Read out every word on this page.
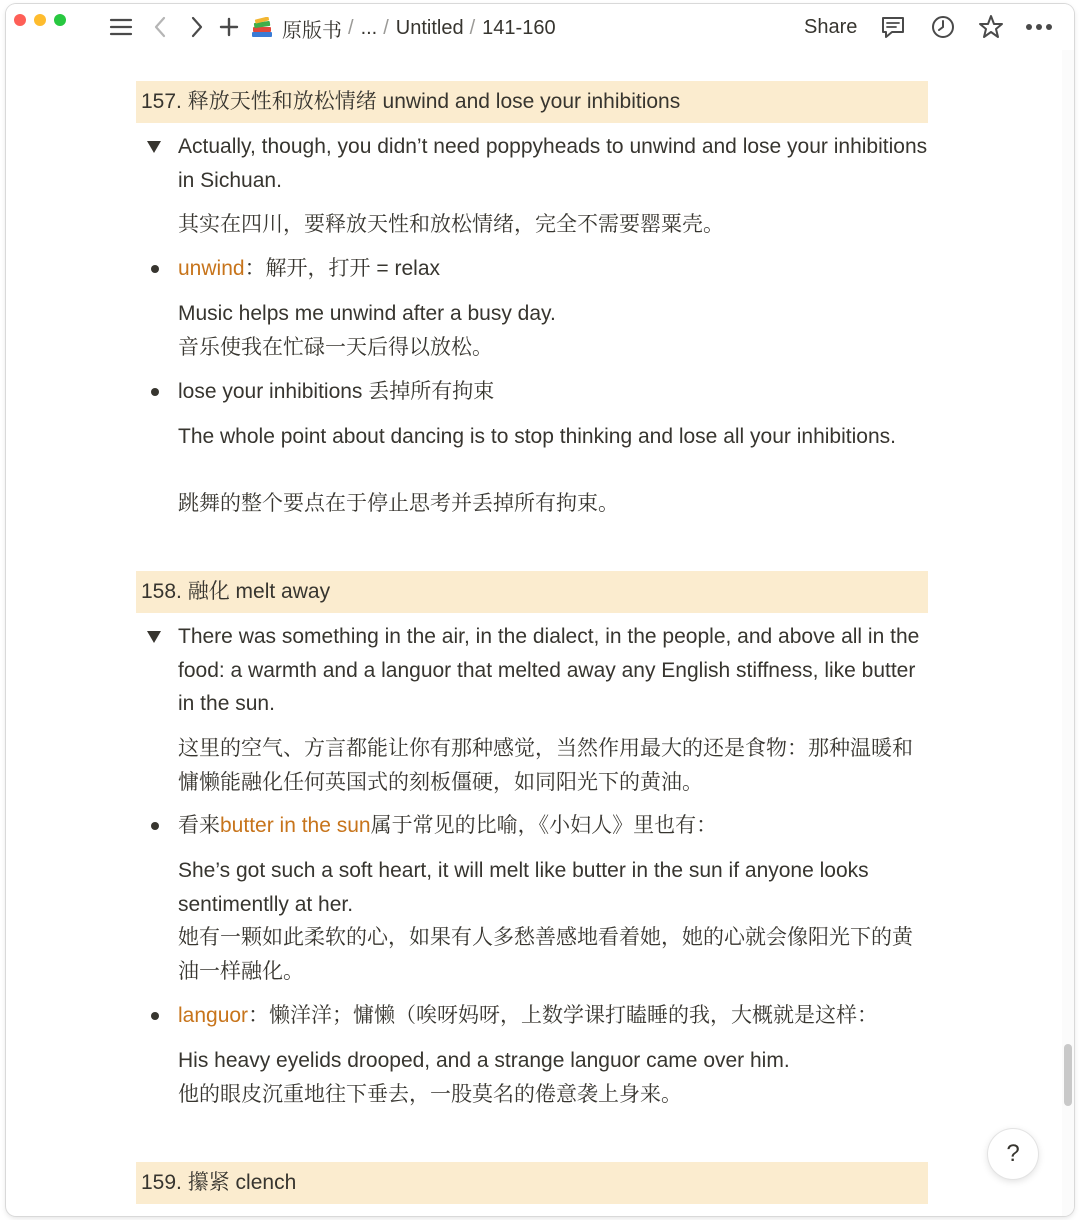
原版书 / ... / Untitled / 141-160	Share
157. 释放天性和放松情绪 unwind and lose your inhibitions
Actually, though, you didn’t need poppyheads to unwind and lose your inhibitions in Sichuan.
其实在四川，要释放天性和放松情绪，完全不需要罂粟壳。
unwind：解开，打开 = relax
Music helps me unwind after a busy day.
音乐使我在忙碌一天后得以放松。
lose your inhibitions 丢掉所有拘束
The whole point about dancing is to stop thinking and lose all your inhibitions.
跳舞的整个要点在于停止思考并丢掉所有拘束。
158. 融化 melt away
There was something in the air, in the dialect, in the people, and above all in the food: a warmth and a languor that melted away any English stiffness, like butter in the sun.
这里的空气、方言都能让你有那种感觉，当然作用最大的还是食物：那种温暖和慵懒能融化任何英国式的刻板僵硬，如同阳光下的黄油。
看来butter in the sun属于常见的比喻，《小妇人》里也有：
She’s got such a soft heart, it will melt like butter in the sun if anyone looks sentimentlly at her.
她有一颗如此柔软的心，如果有人多愁善感地看着她，她的心就会像阳光下的黄油一样融化。
languor：懒洋洋；慵懒（唉呀妈呀，上数学课打瞌睡的我，大概就是这样：
His heavy eyelids drooped, and a strange languor came over him.
他的眼皮沉重地往下垂去，一股莫名的倦意袭上身来。
159. 攥紧 clench
?
